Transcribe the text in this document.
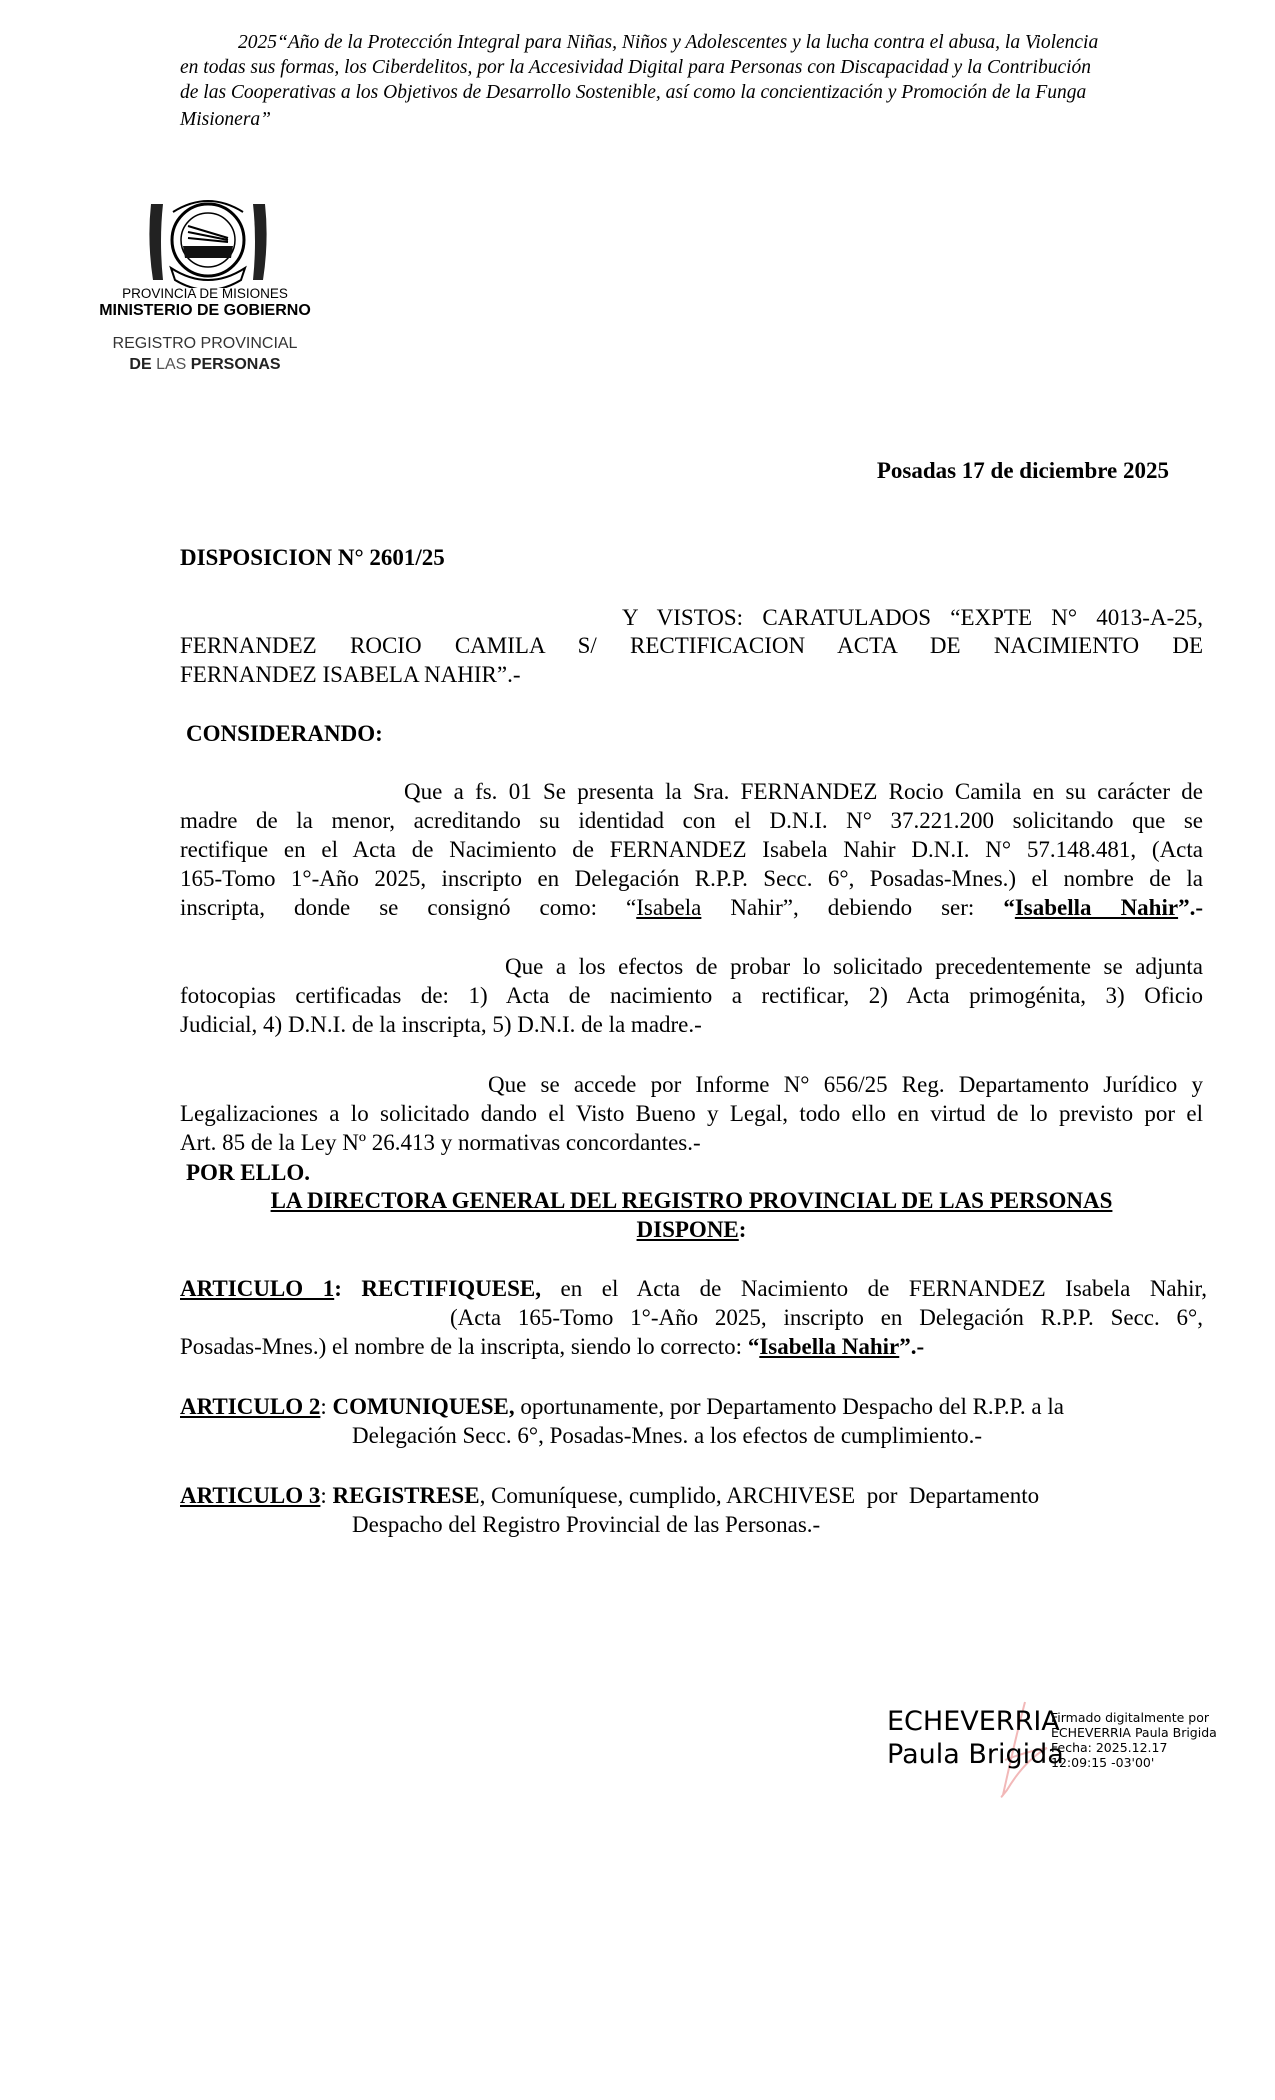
2025“Año de la Protección Integral para Niñas, Niños y Adolescentes y la lucha contra el abusa, la Violencia
en todas sus formas, los Ciberdelitos, por la Accesividad Digital para Personas con Discapacidad y la Contribución
de las Cooperativas a los Objetivos de Desarrollo Sostenible, así como la concientización y Promoción de la Funga
Misionera”
PROVINCIA DE MISIONES
MINISTERIO DE GOBIERNO
REGISTRO PROVINCIAL
DE LAS PERSONAS
Posadas 17 de diciembre 2025
DISPOSICION N° 2601/25
Y VISTOS: CARATULADOS “EXPTE N° 4013-A-25,
FERNANDEZ ROCIO CAMILA S/ RECTIFICACION ACTA DE NACIMIENTO DE
FERNANDEZ ISABELA NAHIR”.-
CONSIDERANDO:
Que a fs. 01 Se presenta la Sra. FERNANDEZ Rocio Camila en su carácter de
madre de la menor, acreditando su identidad con el D.N.I. N° 37.221.200 solicitando que se
rectifique en el Acta de Nacimiento de FERNANDEZ Isabela Nahir D.N.I. N° 57.148.481, (Acta
165-Tomo 1°-Año 2025, inscripto en Delegación R.P.P. Secc. 6°, Posadas-Mnes.) el nombre de la
inscripta, donde se consignó como: “Isabela Nahir”, debiendo ser: “Isabella Nahir”.-
Que a los efectos de probar lo solicitado precedentemente se adjunta
fotocopias certificadas de: 1) Acta de nacimiento a rectificar, 2) Acta primogénita, 3) Oficio
Judicial, 4) D.N.I. de la inscripta, 5) D.N.I. de la madre.-
Que se accede por Informe N° 656/25 Reg. Departamento Jurídico y
Legalizaciones a lo solicitado dando el Visto Bueno y Legal, todo ello en virtud de lo previsto por el
Art. 85 de la Ley Nº 26.413 y normativas concordantes.-
POR ELLO.
LA DIRECTORA GENERAL DEL REGISTRO PROVINCIAL DE LAS PERSONAS
DISPONE:
ARTICULO 1: RECTIFIQUESE, en el Acta de Nacimiento de FERNANDEZ Isabela Nahir,
(Acta 165-Tomo 1°-Año 2025, inscripto en Delegación R.P.P. Secc. 6°,
Posadas-Mnes.) el nombre de la inscripta, siendo lo correcto: “Isabella Nahir”.-
ARTICULO 2: COMUNIQUESE, oportunamente, por Departamento Despacho del R.P.P. a la
Delegación Secc. 6°, Posadas-Mnes. a los efectos de cumplimiento.-
ARTICULO 3: REGISTRESE, Comuníquese, cumplido, ARCHIVESE  por  Departamento
Despacho del Registro Provincial de las Personas.-
ECHEVERRIA
Paula Brigida
Firmado digitalmente por
ECHEVERRIA Paula Brigida
Fecha: 2025.12.17
12:09:15 -03'00'
